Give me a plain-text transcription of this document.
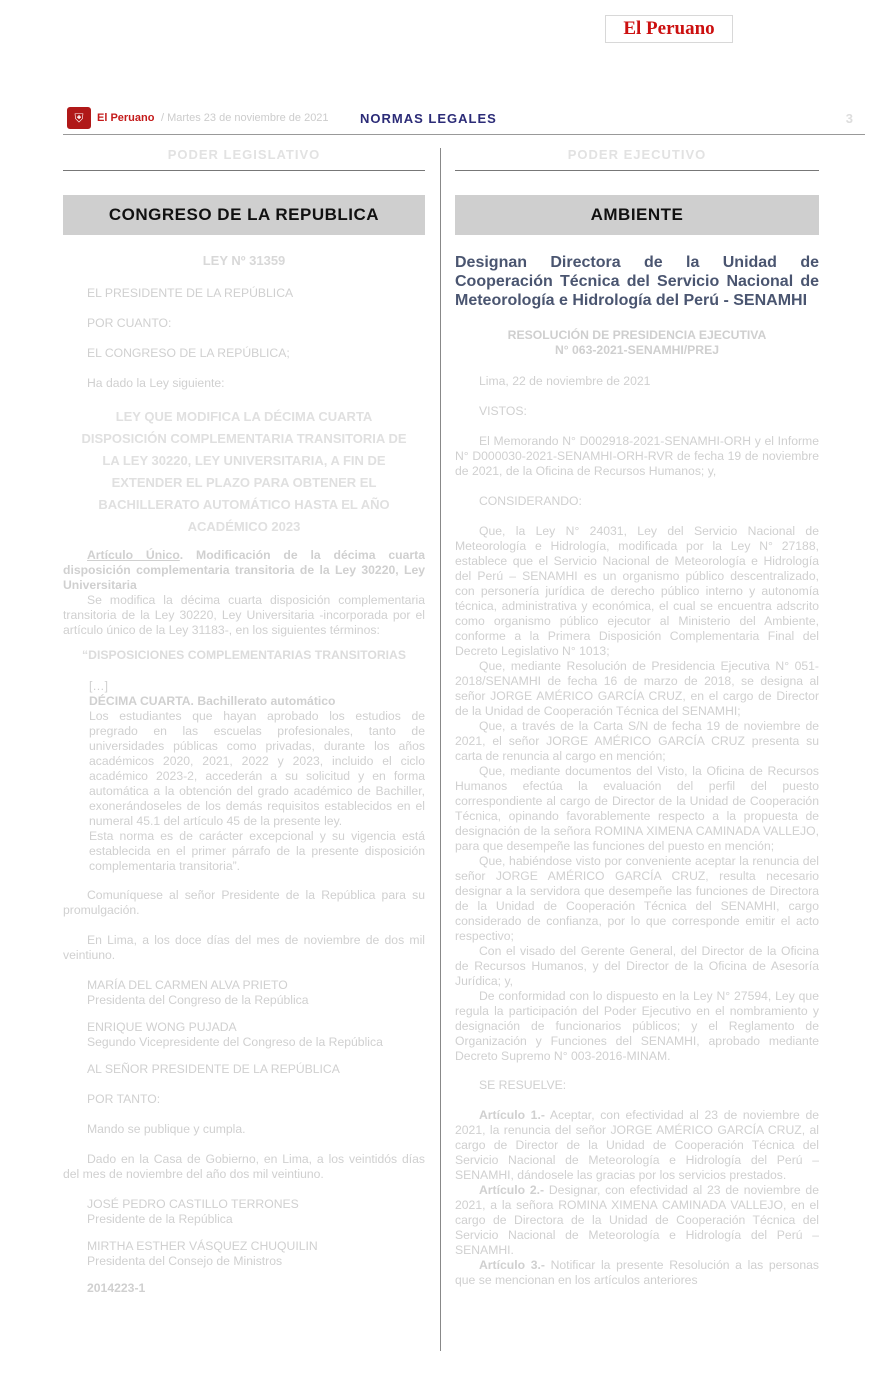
El Peruano
⛨	El Peruano / Martes 23 de noviembre de 2021 NORMAS LEGALES	3
PODER LEGISLATIVO
CONGRESO DE LA REPUBLICA
LEY Nº 31359

EL PRESIDENTE DE LA REPÚBLICA

POR CUANTO:

EL CONGRESO DE LA REPÚBLICA;

Ha dado la Ley siguiente:

LEY QUE MODIFICA LA DÉCIMA CUARTA DISPOSICIÓN COMPLEMENTARIA TRANSITORIA DE LA LEY 30220, LEY UNIVERSITARIA, A FIN DE EXTENDER EL PLAZO PARA OBTENER EL BACHILLERATO AUTOMÁTICO HASTA EL AÑO ACADÉMICO 2023

Artículo Único. Modificación de la décima cuarta disposición complementaria transitoria de la Ley 30220, Ley Universitaria

Se modifica la décima cuarta disposición complementaria transitoria de la Ley 30220, Ley Universitaria -incorporada por el artículo único de la Ley 31183-, en los siguientes términos:

“DISPOSICIONES COMPLEMENTARIAS TRANSITORIAS

[…]

DÉCIMA CUARTA. Bachillerato automático

Los estudiantes que hayan aprobado los estudios de pregrado en las escuelas profesionales, tanto de universidades públicas como privadas, durante los años académicos 2020, 2021, 2022 y 2023, incluido el ciclo académico 2023-2, accederán a su solicitud y en forma automática a la obtención del grado académico de Bachiller, exonerándoseles de los demás requisitos establecidos en el numeral 45.1 del artículo 45 de la presente ley.

Esta norma es de carácter excepcional y su vigencia está establecida en el primer párrafo de la presente disposición complementaria transitoria”.

Comuníquese al señor Presidente de la República para su promulgación.

En Lima, a los doce días del mes de noviembre de dos mil veintiuno.

MARÍA DEL CARMEN ALVA PRIETO
Presidenta del Congreso de la República
ENRIQUE WONG PUJADA
Segundo Vicepresidente del Congreso de la República

AL SEÑOR PRESIDENTE DE LA REPÚBLICA

POR TANTO:

Mando se publique y cumpla.

Dado en la Casa de Gobierno, en Lima, a los veintidós días del mes de noviembre del año dos mil veintiuno.

JOSÉ PEDRO CASTILLO TERRONES
Presidente de la República
MIRTHA ESTHER VÁSQUEZ CHUQUILIN
Presidenta del Consejo de Ministros
2014223-1
PODER EJECUTIVO
AMBIENTE
Designan Directora de la Unidad de Cooperación Técnica del Servicio Nacional de Meteorología e Hidrología del Perú - SENAMHI
RESOLUCIÓN DE PRESIDENCIA EJECUTIVA
N° 063-2021-SENAMHI/PREJ

Lima, 22 de noviembre de 2021

VISTOS:

El Memorando N° D002918-2021-SENAMHI-ORH y el Informe N° D000030-2021-SENAMHI-ORH-RVR de fecha 19 de noviembre de 2021, de la Oficina de Recursos Humanos; y,

CONSIDERANDO:

Que, la Ley N° 24031, Ley del Servicio Nacional de Meteorología e Hidrología, modificada por la Ley N° 27188, establece que el Servicio Nacional de Meteorología e Hidrología del Perú – SENAMHI es un organismo público descentralizado, con personería jurídica de derecho público interno y autonomía técnica, administrativa y económica, el cual se encuentra adscrito como organismo público ejecutor al Ministerio del Ambiente, conforme a la Primera Disposición Complementaria Final del Decreto Legislativo N° 1013;

Que, mediante Resolución de Presidencia Ejecutiva N° 051-2018/SENAMHI de fecha 16 de marzo de 2018, se designa al señor JORGE AMÉRICO GARCÍA CRUZ, en el cargo de Director de la Unidad de Cooperación Técnica del SENAMHI;

Que, a través de la Carta S/N de fecha 19 de noviembre de 2021, el señor JORGE AMÉRICO GARCÍA CRUZ presenta su carta de renuncia al cargo en mención;

Que, mediante documentos del Visto, la Oficina de Recursos Humanos efectúa la evaluación del perfil del puesto correspondiente al cargo de Director de la Unidad de Cooperación Técnica, opinando favorablemente respecto a la propuesta de designación de la señora ROMINA XIMENA CAMINADA VALLEJO, para que desempeñe las funciones del puesto en mención;

Que, habiéndose visto por conveniente aceptar la renuncia del señor JORGE AMÉRICO GARCÍA CRUZ, resulta necesario designar a la servidora que desempeñe las funciones de Directora de la Unidad de Cooperación Técnica del SENAMHI, cargo considerado de confianza, por lo que corresponde emitir el acto respectivo;

Con el visado del Gerente General, del Director de la Oficina de Recursos Humanos, y del Director de la Oficina de Asesoría Jurídica; y,

De conformidad con lo dispuesto en la Ley N° 27594, Ley que regula la participación del Poder Ejecutivo en el nombramiento y designación de funcionarios públicos; y el Reglamento de Organización y Funciones del SENAMHI, aprobado mediante Decreto Supremo N° 003-2016-MINAM.

SE RESUELVE:

Artículo 1.- Aceptar, con efectividad al 23 de noviembre de 2021, la renuncia del señor JORGE AMÉRICO GARCÍA CRUZ, al cargo de Director de la Unidad de Cooperación Técnica del Servicio Nacional de Meteorología e Hidrología del Perú – SENAMHI, dándosele las gracias por los servicios prestados.

Artículo 2.- Designar, con efectividad al 23 de noviembre de 2021, a la señora ROMINA XIMENA CAMINADA VALLEJO, en el cargo de Directora de la Unidad de Cooperación Técnica del Servicio Nacional de Meteorología e Hidrología del Perú – SENAMHI.

Artículo 3.- Notificar la presente Resolución a las personas que se mencionan en los artículos anteriores
